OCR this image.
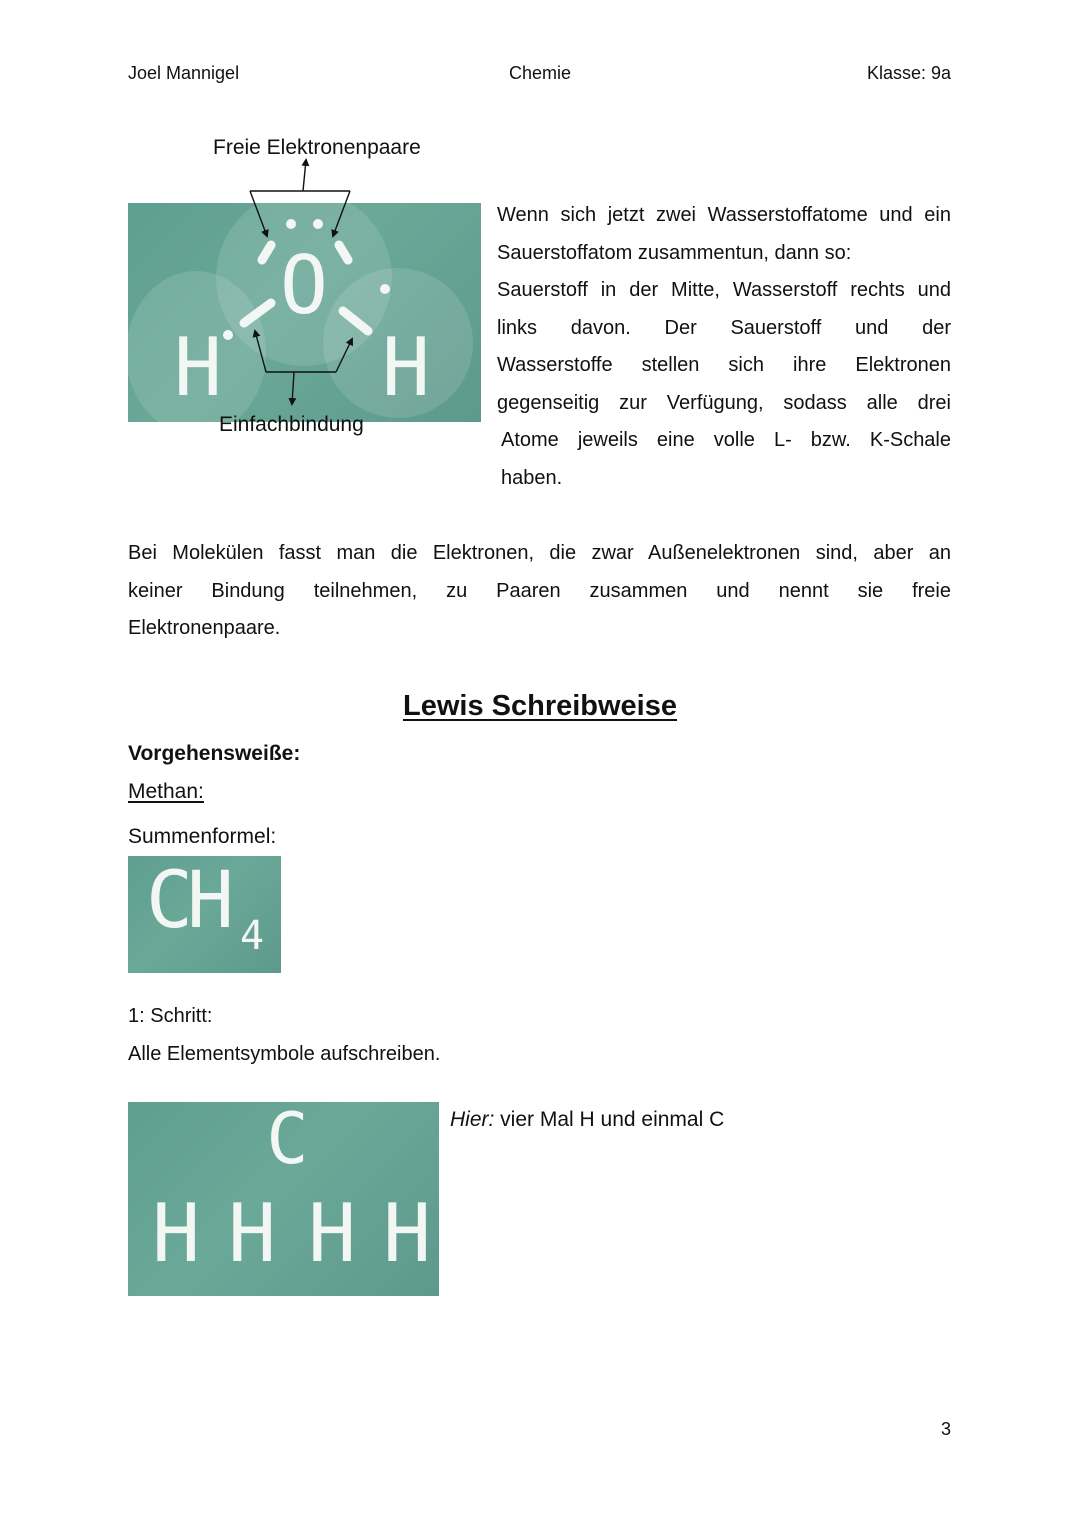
Joel Mannigel	Chemie	Klasse: 9a
Freie Elektronenpaare
H
O
H
Einfachbindung
Wenn sich jetzt zwei Wasserstoffatome und ein
Sauerstoffatom zusammentun, dann so:
Sauerstoff in der Mitte, Wasserstoff rechts und
links davon. Der Sauerstoff und der
Wasserstoffe stellen sich ihre Elektronen
gegenseitig zur Verfügung, sodass alle drei
Atome jeweils eine volle L- bzw. K-Schale
haben.
Bei Molekülen fasst man die Elektronen, die zwar Außenelektronen sind, aber an
keiner Bindung teilnehmen, zu Paaren zusammen und nennt sie freie
Elektronenpaare.
Lewis Schreibweise
Vorgehensweiße:
Methan:
Summenformel:
CH 4
1: Schritt:
Alle Elementsymbole aufschreiben.
C
H H H H
Hier: vier Mal H und einmal C
3
